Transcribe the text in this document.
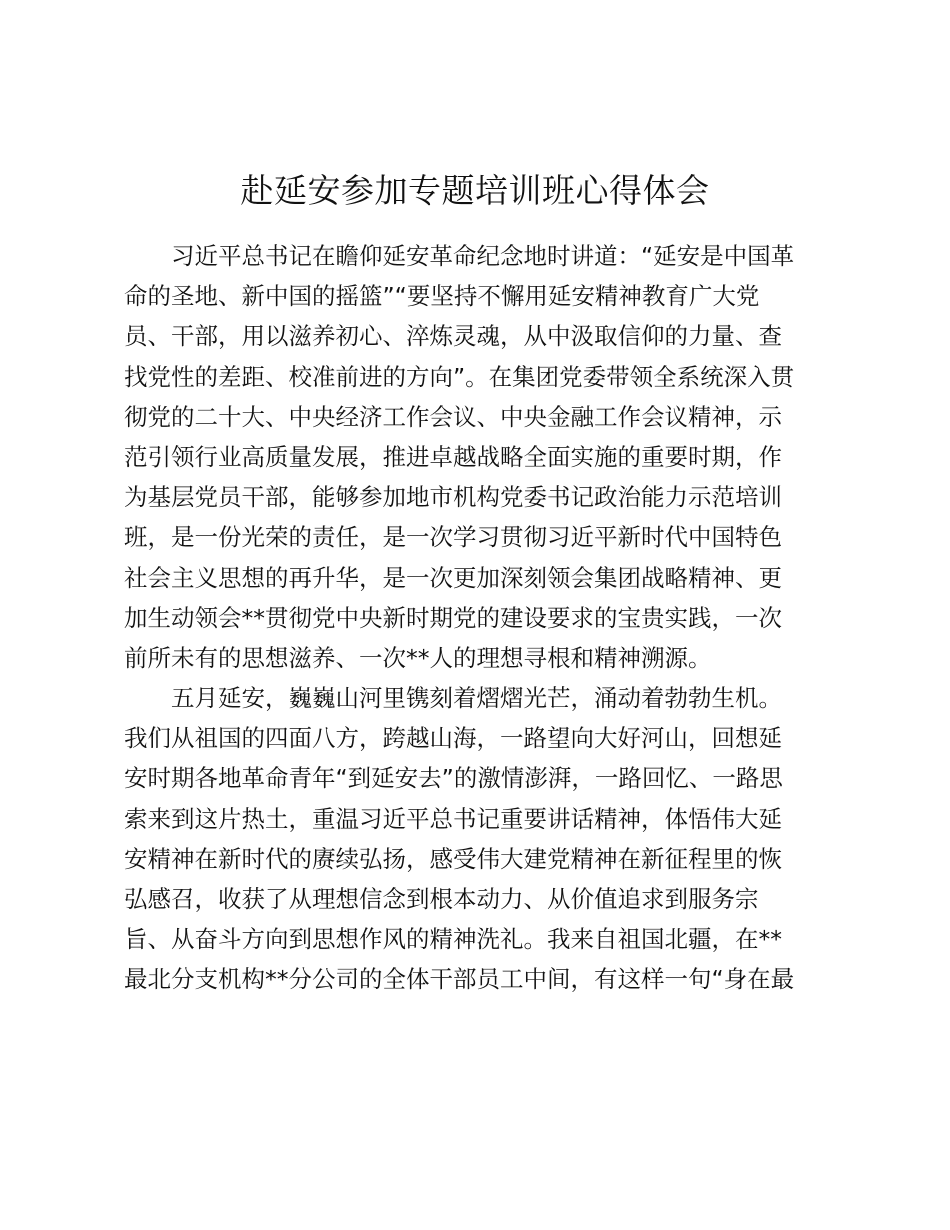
赴延安参加专题培训班心得体会

习近平总书记在瞻仰延安革命纪念地时讲道：“延安是中国革
命的圣地、新中国的摇篮”“要坚持不懈用延安精神教育广大党
员、干部，用以滋养初心、淬炼灵魂，从中汲取信仰的力量、查
找党性的差距、校准前进的方向”。在集团党委带领全系统深入贯
彻党的二十大、中央经济工作会议、中央金融工作会议精神，示
范引领行业高质量发展，推进卓越战略全面实施的重要时期，作
为基层党员干部，能够参加地市机构党委书记政治能力示范培训
班，是一份光荣的责任，是一次学习贯彻习近平新时代中国特色
社会主义思想的再升华，是一次更加深刻领会集团战略精神、更
加生动领会**贯彻党中央新时期党的建设要求的宝贵实践，一次
前所未有的思想滋养、一次**人的理想寻根和精神溯源。

五月延安，巍巍山河里镌刻着熠熠光芒，涌动着勃勃生机。
我们从祖国的四面八方，跨越山海，一路望向大好河山，回想延
安时期各地革命青年“到延安去”的激情澎湃，一路回忆、一路思
索来到这片热土，重温习近平总书记重要讲话精神，体悟伟大延
安精神在新时代的赓续弘扬，感受伟大建党精神在新征程里的恢
弘感召，收获了从理想信念到根本动力、从价值追求到服务宗
旨、从奋斗方向到思想作风的精神洗礼。我来自祖国北疆，在**
最北分支机构**分公司的全体干部员工中间，有这样一句“身在最
